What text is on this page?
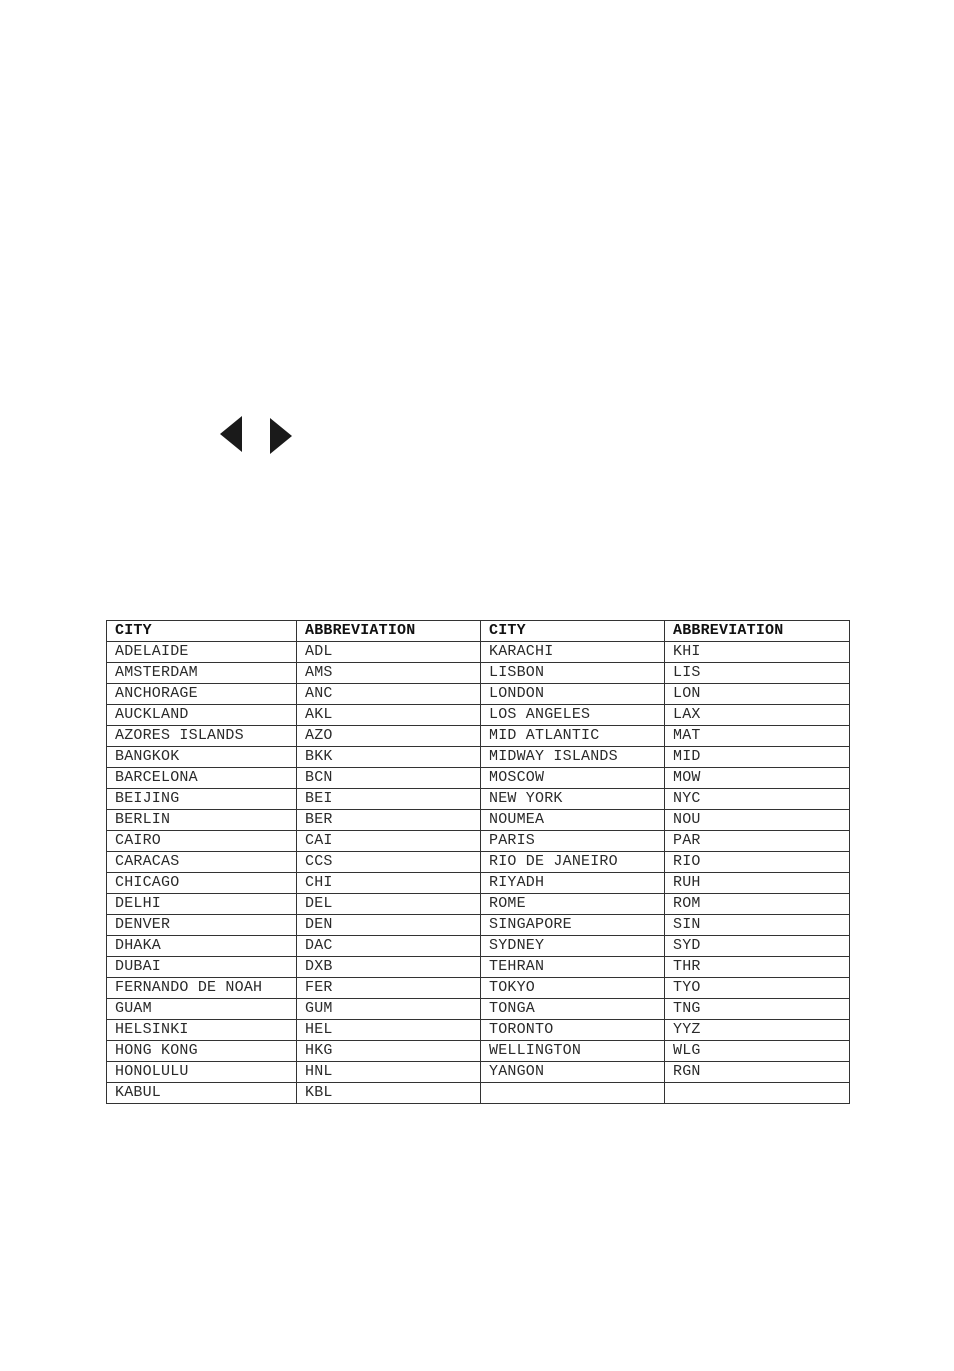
CITY	ABBREVIATION	CITY	ABBREVIATION
ADELAIDE	ADL	KARACHI	KHI
AMSTERDAM	AMS	LISBON	LIS
ANCHORAGE	ANC	LONDON	LON
AUCKLAND	AKL	LOS ANGELES	LAX
AZORES ISLANDS	AZO	MID ATLANTIC	MAT
BANGKOK	BKK	MIDWAY ISLANDS	MID
BARCELONA	BCN	MOSCOW	MOW
BEIJING	BEI	NEW YORK	NYC
BERLIN	BER	NOUMEA	NOU
CAIRO	CAI	PARIS	PAR
CARACAS	CCS	RIO DE JANEIRO	RIO
CHICAGO	CHI	RIYADH	RUH
DELHI	DEL	ROME	ROM
DENVER	DEN	SINGAPORE	SIN
DHAKA	DAC	SYDNEY	SYD
DUBAI	DXB	TEHRAN	THR
FERNANDO DE NOAH	FER	TOKYO	TYO
GUAM	GUM	TONGA	TNG
HELSINKI	HEL	TORONTO	YYZ
HONG KONG	HKG	WELLINGTON	WLG
HONOLULU	HNL	YANGON	RGN
KABUL	KBL		
